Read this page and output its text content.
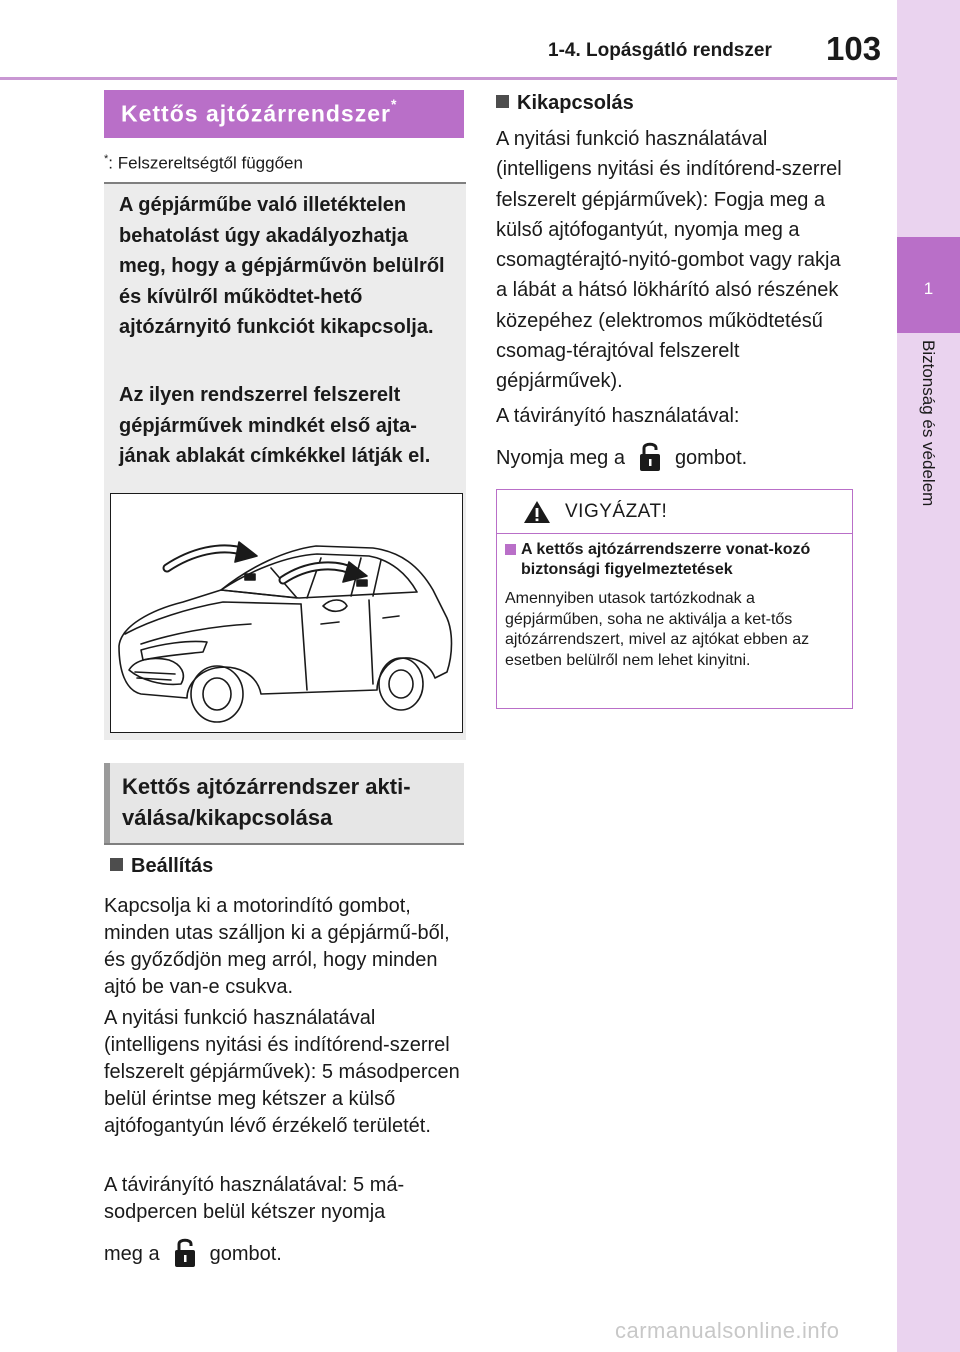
1-4. Lopásgátló rendszer 103
1
Biztonság és védelem
Kettős ajtózárrendszer*
*: Felszereltségtől függően
A gépjárműbe való illetéktelen behatolást úgy akadályozhatja meg, hogy a gépjárművön belülről és kívülről működtet-hető ajtózárnyitó funkciót kikapcsolja.
Az ilyen rendszerrel felszerelt gépjárművek mindkét első ajta-jának ablakát címkékkel látják el.
Kettős ajtózárrendszer akti-válása/kikapcsolása
Beállítás
Kapcsolja ki a motorindító gombot, minden utas szálljon ki a gépjármű-ből, és győződjön meg arról, hogy minden ajtó be van-e csukva.
A nyitási funkció használatával (intelligens nyitási és indítórend-szerrel felszerelt gépjárművek): 5 másodpercen belül érintse meg kétszer a külső ajtófogantyún lévő érzékelő területét.
A távirányító használatával: 5 má-sodpercen belül kétszer nyomja
meg a	gombot.
Kikapcsolás
A nyitási funkció használatával (intelligens nyitási és indítórend-szerrel felszerelt gépjárművek): Fogja meg a külső ajtófogantyút, nyomja meg a csomagtérajtó-nyitó-gombot vagy rakja a lábát a hátsó lökhárító alsó részének közepéhez (elektromos működtetésű csomag-térajtóval felszerelt gépjárművek).
A távirányító használatával:
Nyomja meg a	gombot.
VIGYÁZAT!
A kettős ajtózárrendszerre vonat-kozó biztonsági figyelmeztetések
Amennyiben utasok tartózkodnak a gépjárműben, soha ne aktiválja a ket-tős ajtózárrendszert, mivel az ajtókat ebben az esetben belülről nem lehet kinyitni.
carmanualsonline.info
